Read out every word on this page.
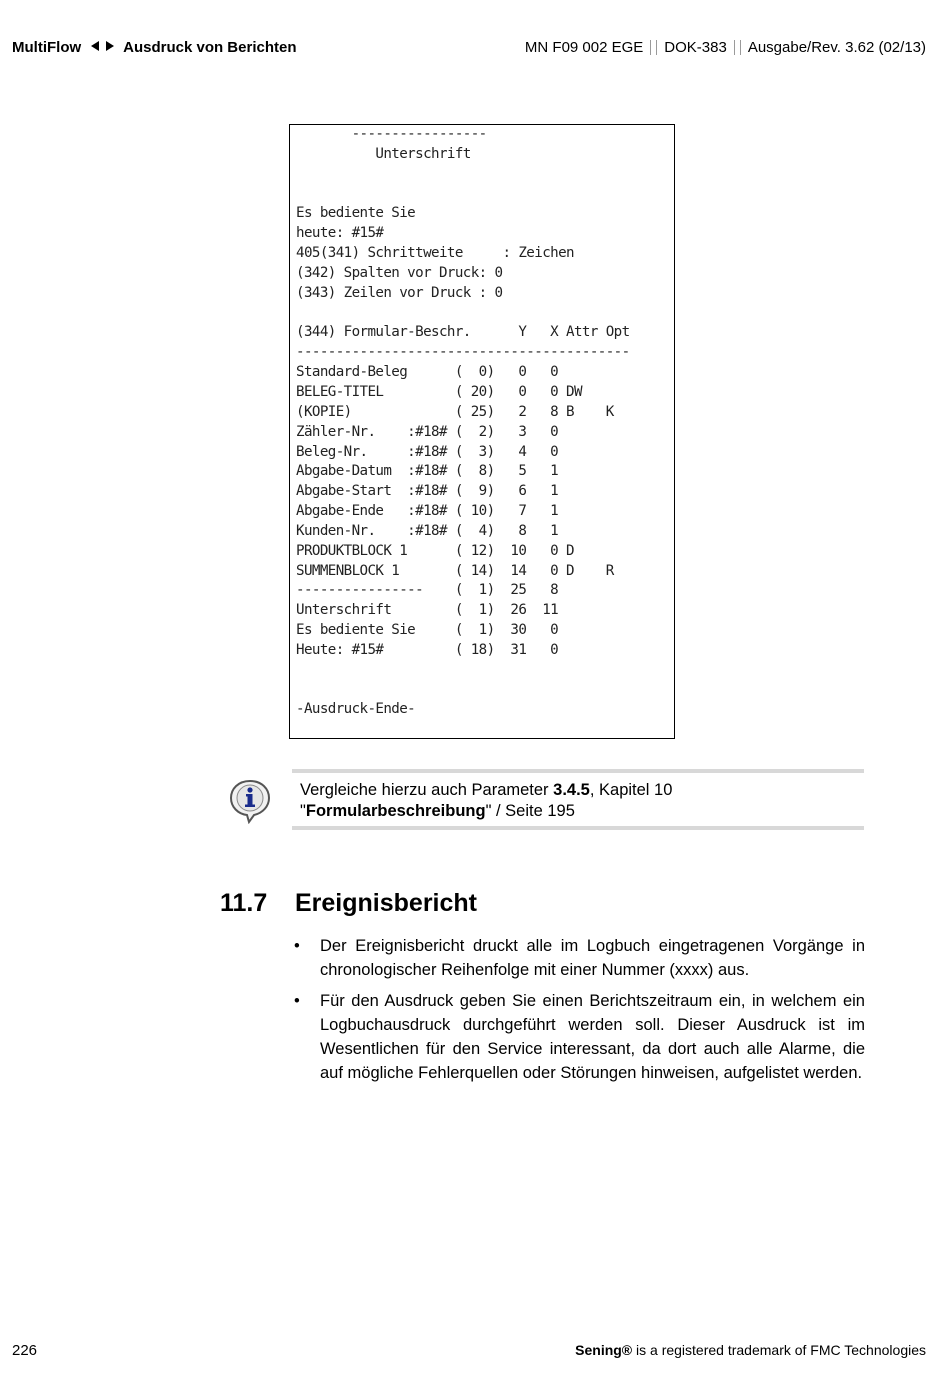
MultiFlow	Ausdruck von Berichten	MN F09 002 EGE DOK-383 Ausgabe/Rev. 3.62 (02/13)
-----------------
Unterschrift

Es bediente Sie
heute: #15#
405(341) Schrittweite     : Zeichen
(342) Spalten vor Druck: 0
(343) Zeilen vor Druck : 0

(344) Formular-Beschr.      Y   X Attr Opt
------------------------------------------
Standard-Beleg      (  0)   0   0
BELEG-TITEL         ( 20)   0   0 DW
(KOPIE)             ( 25)   2   8 B    K
Zähler-Nr.    :#18# (  2)   3   0
Beleg-Nr.     :#18# (  3)   4   0
Abgabe-Datum  :#18# (  8)   5   1
Abgabe-Start  :#18# (  9)   6   1
Abgabe-Ende   :#18# ( 10)   7   1
Kunden-Nr.    :#18# (  4)   8   1
PRODUKTBLOCK 1      ( 12)  10   0 D
SUMMENBLOCK 1       ( 14)  14   0 D    R
----------------    (  1)  25   8
Unterschrift        (  1)  26  11
Es bediente Sie     (  1)  30   0
Heute: #15#         ( 18)  31   0

-Ausdruck-Ende-
Vergleiche hierzu auch Parameter 3.4.5, Kapitel 10
"Formularbeschreibung" / Seite 195
11.7 Ereignisbericht
• Der Ereignisbericht druckt alle im Logbuch eingetragenen Vorgänge in chronologischer Reihenfolge mit einer Nummer (xxxx) aus.
• Für den Ausdruck geben Sie einen Berichtszeitraum ein, in welchem ein Logbuchausdruck durchgeführt werden soll. Dieser Ausdruck ist im Wesentlichen für den Service interessant, da dort auch alle Alarme, die auf mögliche Fehlerquellen oder Störungen hinweisen, aufgelistet werden.
226	Sening® is a registered trademark of FMC Technologies
